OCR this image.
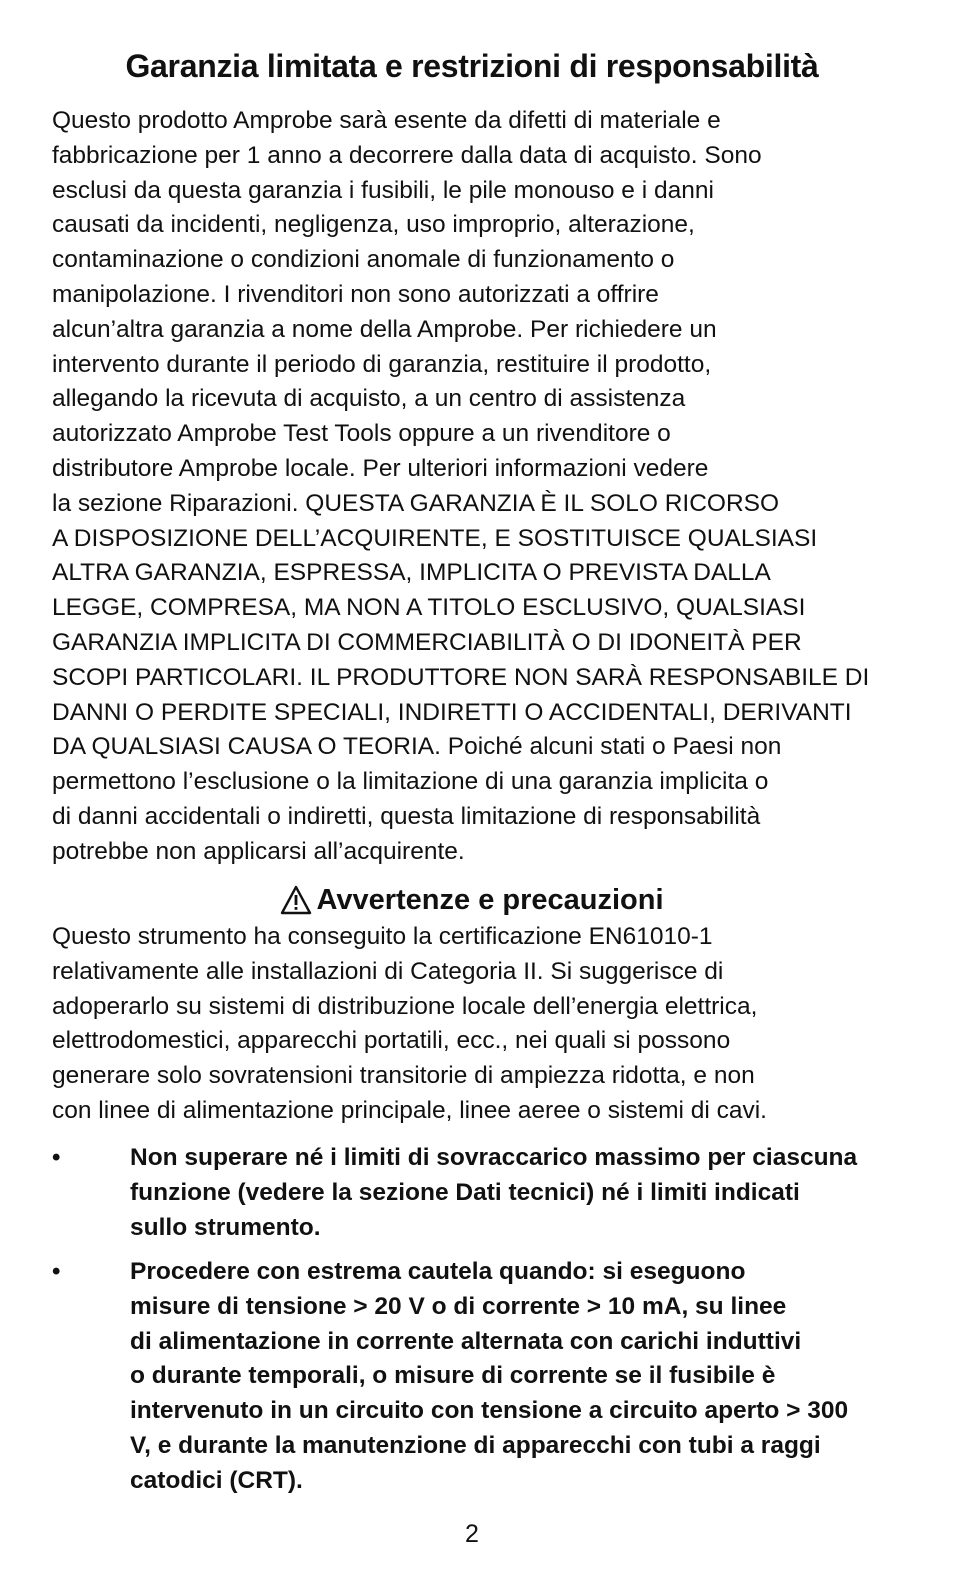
Garanzia limitata e restrizioni di responsabilità

Questo prodotto Amprobe sarà esente da difetti di materiale e
fabbricazione per 1 anno a decorrere dalla data di acquisto. Sono
esclusi da questa garanzia i fusibili, le pile monouso e i danni
causati da incidenti, negligenza, uso improprio, alterazione,
contaminazione o condizioni anomale di funzionamento o
manipolazione. I rivenditori non sono autorizzati a offrire
alcun’altra garanzia a nome della Amprobe. Per richiedere un
intervento durante il periodo di garanzia, restituire il prodotto,
allegando la ricevuta di acquisto, a un centro di assistenza
autorizzato Amprobe Test Tools oppure a un rivenditore o
distributore Amprobe locale. Per ulteriori informazioni vedere
la sezione Riparazioni. QUESTA GARANZIA È IL SOLO RICORSO
A DISPOSIZIONE DELL’ACQUIRENTE, E SOSTITUISCE QUALSIASI
ALTRA GARANZIA, ESPRESSA, IMPLICITA O PREVISTA DALLA
LEGGE, COMPRESA, MA NON A TITOLO ESCLUSIVO, QUALSIASI
GARANZIA IMPLICITA DI COMMERCIABILITÀ O DI IDONEITÀ PER
SCOPI PARTICOLARI. IL PRODUTTORE NON SARÀ RESPONSABILE DI
DANNI O PERDITE SPECIALI, INDIRETTI O ACCIDENTALI, DERIVANTI
DA QUALSIASI CAUSA O TEORIA. Poiché alcuni stati o Paesi non
permettono l’esclusione o la limitazione di una garanzia implicita o
di danni accidentali o indiretti, questa limitazione di responsabilità
potrebbe non applicarsi all’acquirente.

Avvertenze e precauzioni

Questo strumento ha conseguito la certificazione EN61010-1
relativamente alle installazioni di Categoria II. Si suggerisce di
adoperarlo su sistemi di distribuzione locale dell’energia elettrica,
elettrodomestici, apparecchi portatili, ecc., nei quali si possono
generare solo sovratensioni transitorie di ampiezza ridotta, e non
con linee di alimentazione principale, linee aeree o sistemi di cavi.

•	Non superare né i limiti di sovraccarico massimo per ciascuna
funzione (vedere la sezione Dati tecnici) né i limiti indicati
sullo strumento.
•	Procedere con estrema cautela quando: si eseguono
misure di tensione > 20 V o di corrente > 10 mA, su linee
di alimentazione in corrente alternata con carichi induttivi
o durante temporali, o misure di corrente se il fusibile è
intervenuto in un circuito con tensione a circuito aperto > 300
V, e durante la manutenzione di apparecchi con tubi a raggi
catodici (CRT).
2
